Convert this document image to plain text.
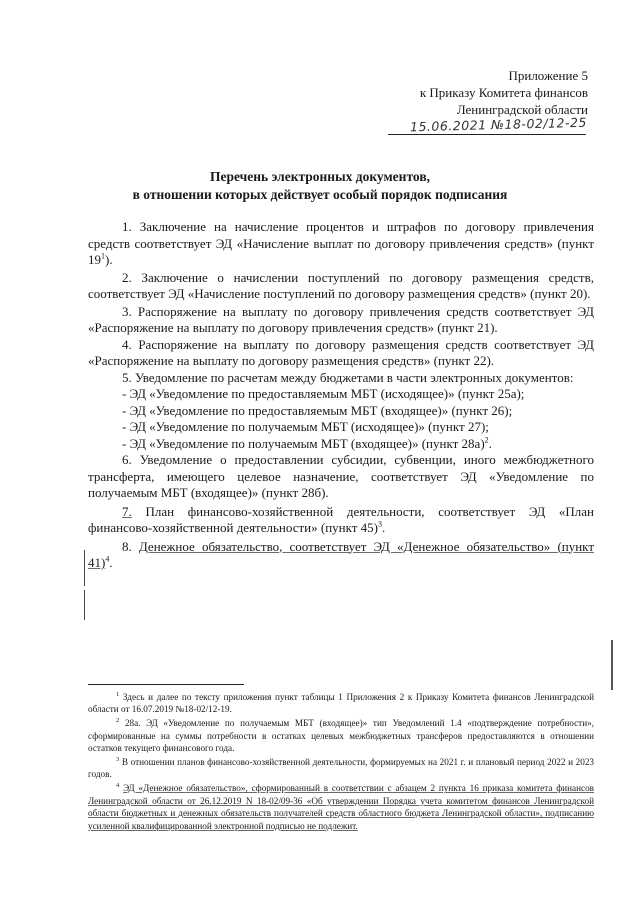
Приложение 5
к Приказу Комитета финансов
Ленинградской области
15.06.2021 №18-02/12-25
Перечень электронных документов,
в отношении которых действует особый порядок подписания

1. Заключение на начисление процентов и штрафов по договору привлечения средств соответствует ЭД «Начисление выплат по договору привлечения средств» (пункт $19^1$).

2. Заключение о начислении поступлений по договору размещения средств, соответствует ЭД «Начисление поступлений по договору размещения средств» (пункт 20).

3. Распоряжение на выплату по договору привлечения средств соответствует ЭД «Распоряжение на выплату по договору привлечения средств» (пункт 21).

4. Распоряжение на выплату по договору размещения средств соответствует ЭД «Распоряжение на выплату по договору размещения средств» (пункт 22).

5. Уведомление по расчетам между бюджетами в части электронных документов:

- ЭД «Уведомление по предоставляемым МБТ (исходящее)» (пункт 25а);

- ЭД «Уведомление по предоставляемым МБТ (входящее)» (пункт 26);

- ЭД «Уведомление по получаемым МБТ (исходящее)» (пункт 27);

- ЭД «Уведомление по получаемым МБТ (входящее)» (пункт 28а)$^2$.

6. Уведомление о предоставлении субсидии, субвенции, иного межбюджетного трансферта, имеющего целевое назначение, соответствует ЭД «Уведомление по получаемым МБТ (входящее)» (пункт 28б).

7. План финансово-хозяйственной деятельности, соответствует ЭД «План финансово-хозяйственной деятельности» (пункт 45)$^3$.

8. Денежное обязательство, соответствует ЭД «Денежное обязательство» (пункт 41)$^4$.

$^1$ Здесь и далее по тексту приложения пункт таблицы 1 Приложения 2 к Приказу Комитета финансов Ленинградской области от 16.07.2019 №18-02/12-19.

$^2$ 28а. ЭД «Уведомление по получаемым МБТ (входящее)» тип Уведомлений 1.4 «подтверждение потребности», сформированные на суммы потребности в остатках целевых межбюджетных трансферов предоставляются в отношении остатков текущего финансового года.

$^3$ В отношении планов финансово-хозяйственной деятельности, формируемых на 2021 г. и плановый период 2022 и 2023 годов.

$^4$ ЭД «Денежное обязательство», сформированный в соответствии с абзацем 2 пункта 16 приказа комитета финансов Ленинградской области от 26.12.2019 N 18-02/09-36 «Об утверждении Порядка учета комитетом финансов Ленинградской области бюджетных и денежных обязательств получателей средств областного бюджета Ленинградской области», подписанию усиленной квалифицированной электронной подписью не подлежит.
